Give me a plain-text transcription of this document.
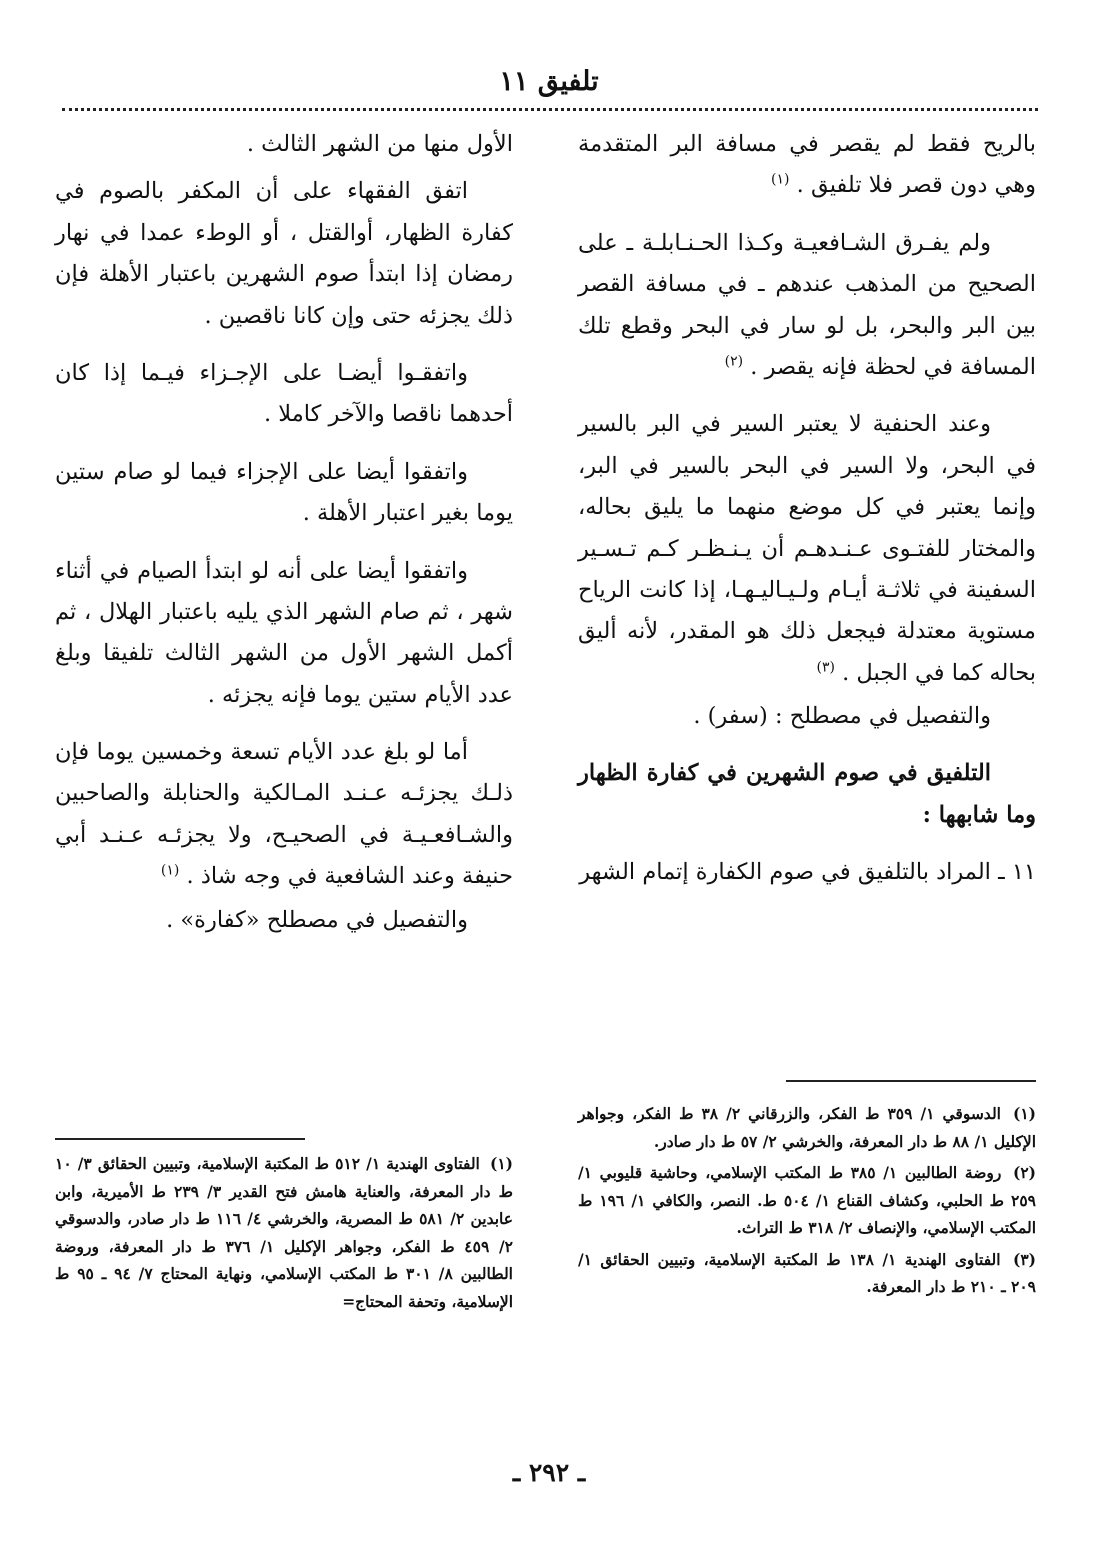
تلفيق ١١

بالريح فقط لم يقصر في مسافة البر المتقدمة وهي دون قصر فلا تلفيق . $^{(١)}$

ولم يفـرق الشـافعيـة وكـذا الحـنـابلـة ـ على الصحيح من المذهب عندهم ـ في مسافة القصر بين البر والبحر، بل لو سار في البحر وقطع تلك المسافة في لحظة فإنه يقصر . $^{(٢)}$

وعند الحنفية لا يعتبر السير في البر بالسير في البحر، ولا السير في البحر بالسير في البر، وإنما يعتبر في كل موضع منهما ما يليق بحاله، والمختار للفتـوى عـنـدهـم أن يـنـظـر كـم تـسـير السفينة في ثلاثـة أيـام ولـيـاليـهـا، إذا كانت الرياح مستوية معتدلة فيجعل ذلك هو المقدر، لأنه أليق بحاله كما في الجبل . $^{(٣)}$

والتفصيل في مصطلح : (سفر) .

التلفيق في صوم الشهرين في كفارة الظهار وما شابهها :

١١ ـ المراد بالتلفيق في صوم الكفارة إتمام الشهر

الأول منها من الشهر الثالث .

اتفق الفقهاء على أن المكفر بالصوم في كفارة الظهار، أوالقتل ، أو الوطء عمدا في نهار رمضان إذا ابتدأ صوم الشهرين باعتبار الأهلة فإن ذلك يجزئه حتى وإن كانا ناقصين .

واتفقـوا أيضـا على الإجـزاء فيـما إذا كان أحدهما ناقصا والآخر كاملا .

واتفقوا أيضا على الإجزاء فيما لو صام ستين يوما بغير اعتبار الأهلة .

واتفقوا أيضا على أنه لو ابتدأ الصيام في أثناء شهر ، ثم صام الشهر الذي يليه باعتبار الهلال ، ثم أكمل الشهر الأول من الشهر الثالث تلفيقا وبلغ عدد الأيام ستين يوما فإنه يجزئه .

أما لو بلغ عدد الأيام تسعة وخمسين يوما فإن ذلـك يجزئـه عـنـد المـالكية والحنابلة والصاحبين والشـافعـيـة في الصحيـح، ولا يجزئـه عـنـد أبي حنيفة وعند الشافعية في وجه شاذ . $^{(١)}$

والتفصيل في مصطلح «كفارة» .

(١) الدسوقي ١/ ٣٥٩ ط الفكر، والزرقاني ٢/ ٣٨ ط الفكر، وجواهر الإكليل ١/ ٨٨ ط دار المعرفة، والخرشي ٢/ ٥٧ ط دار صادر.

(٢) روضة الطالبين ١/ ٣٨٥ ط المكتب الإسلامي، وحاشية قليوبي ١/ ٢٥٩ ط الحلبي، وكشاف القناع ١/ ٥٠٤ ط. النصر، والكافي ١/ ١٩٦ ط المكتب الإسلامي، والإنصاف ٢/ ٣١٨ ط التراث.

(٣) الفتاوى الهندية ١/ ١٣٨ ط المكتبة الإسلامية، وتبيين الحقائق ١/ ٢٠٩ ـ ٢١٠ ط دار المعرفة.

(١) الفتاوى الهندية ١/ ٥١٢ ط المكتبة الإسلامية، وتبيين الحقائق ٣/ ١٠ ط دار المعرفة، والعناية هامش فتح القدير ٣/ ٢٣٩ ط الأميرية، وابن عابدين ٢/ ٥٨١ ط المصرية، والخرشي ٤/ ١١٦ ط دار صادر، والدسوقي ٢/ ٤٥٩ ط الفكر، وجواهر الإكليل ١/ ٣٧٦ ط دار المعرفة، وروضة الطالبين ٨/ ٣٠١ ط المكتب الإسلامي، ونهاية المحتاج ٧/ ٩٤ ـ ٩٥ ط الإسلامية، وتحفة المحتاج=

ـ ٢٩٢ ـ
